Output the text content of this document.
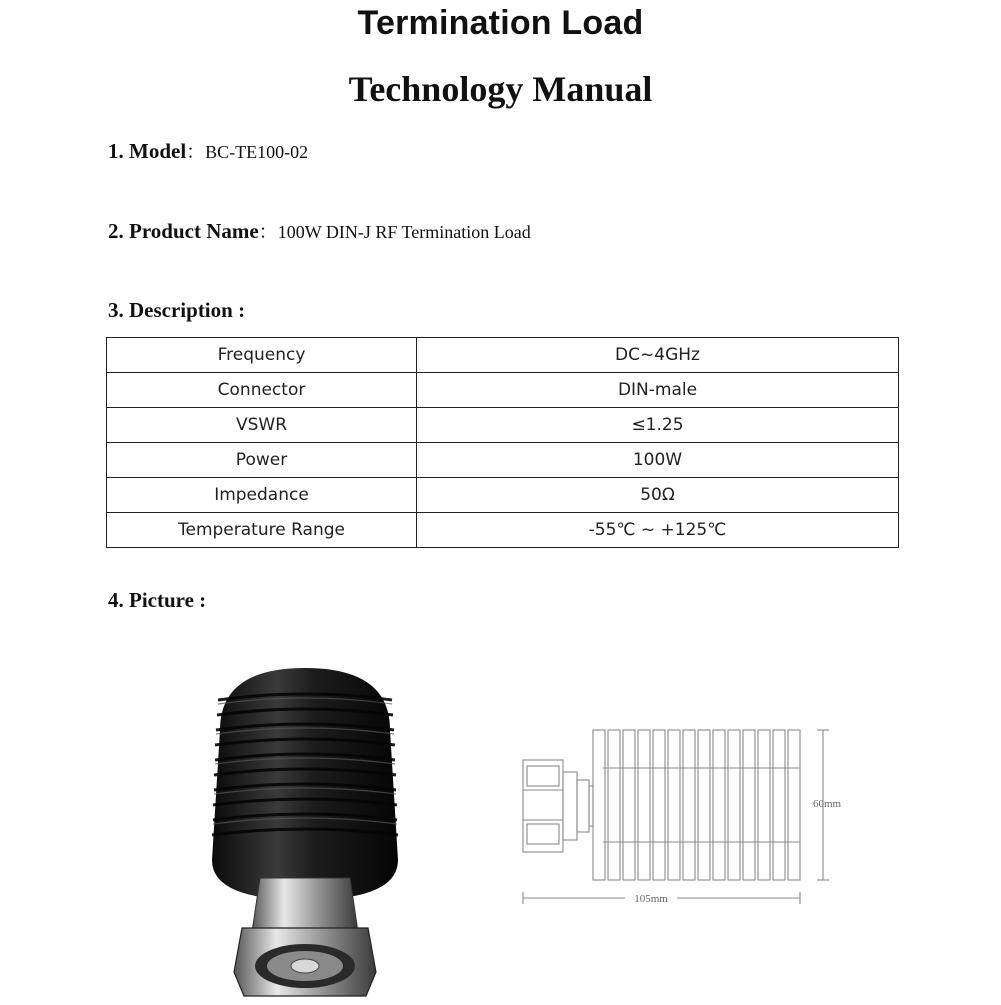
Termination Load
Technology Manual
1. Model：BC-TE100-02
2. Product Name：100W DIN-J RF Termination Load
3. Description :
Frequency	DC~4GHz
Connector	DIN-male
VSWR	≤1.25
Power	100W
Impedance	50Ω
Temperature Range	-55℃ ~ +125℃
4. Picture :
105mm
60mm
